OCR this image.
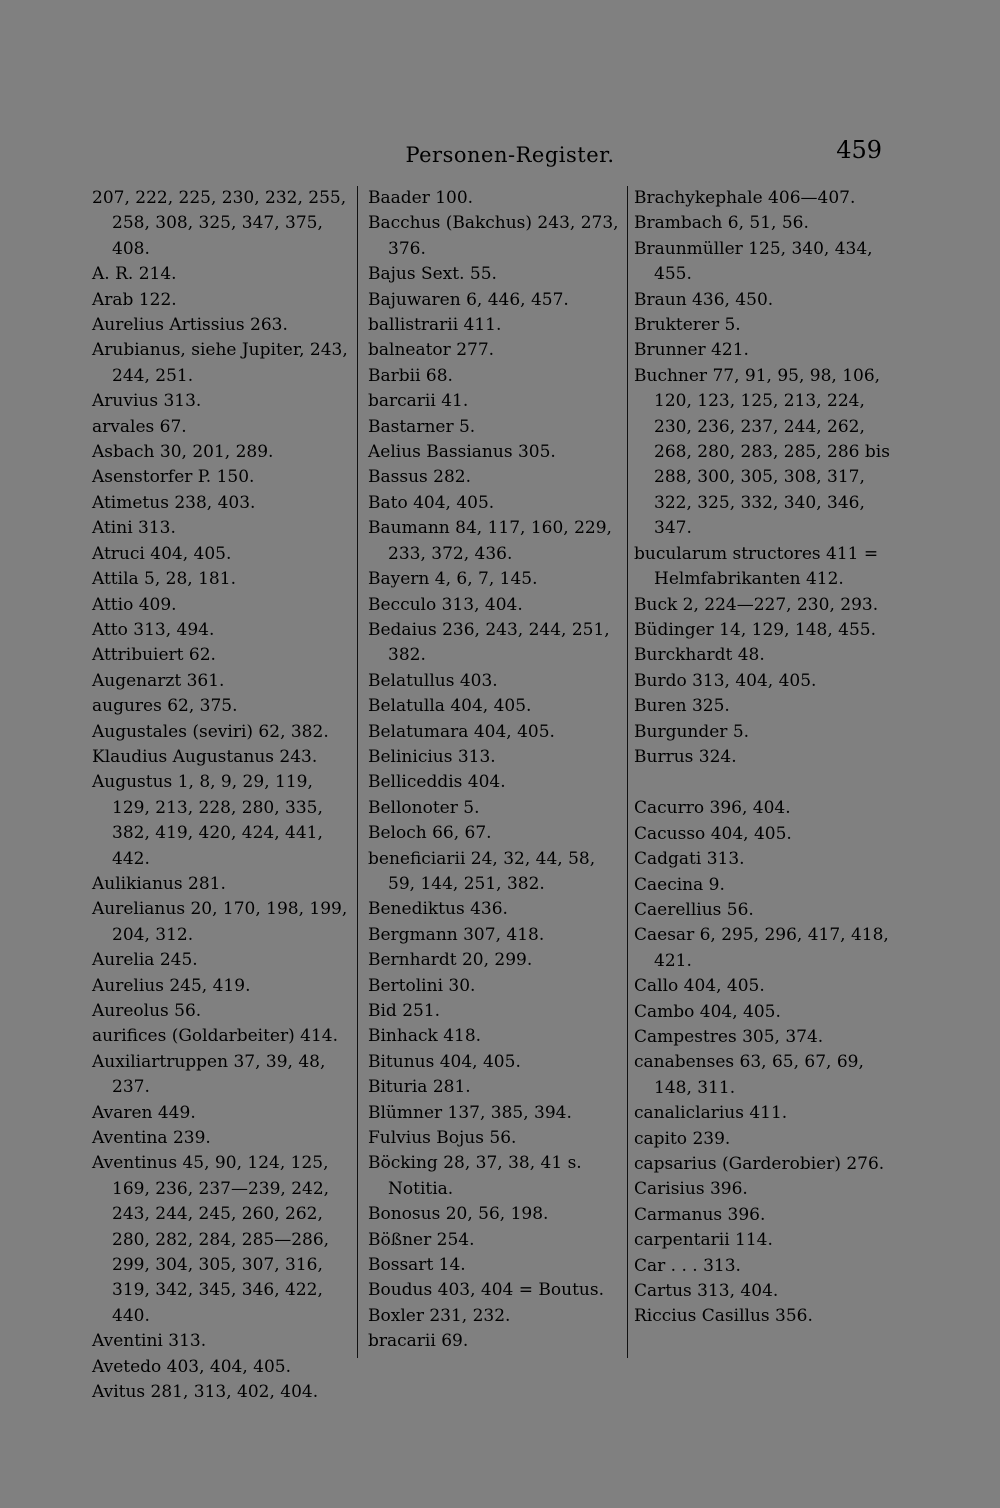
Personen-Register.	459
207, 222, 225, 230, 232, 255, 258, 308, 325, 347, 375, 408.
A. R. 214.
Arab 122.
Aurelius Artissius 263.
Arubianus, siehe Jupiter, 243, 244, 251.
Aruvius 313.
arvales 67.
Asbach 30, 201, 289.
Asenstorfer P. 150.
Atimetus 238, 403.
Atini 313.
Atruci 404, 405.
Attila 5, 28, 181.
Attio 409.
Atto 313, 494.
Attribuiert 62.
Augenarzt 361.
augures 62, 375.
Augustales (seviri) 62, 382.
Klaudius Augustanus 243.
Augustus 1, 8, 9, 29, 119, 129, 213, 228, 280, 335, 382, 419, 420, 424, 441, 442.
Aulikianus 281.
Aurelianus 20, 170, 198, 199, 204, 312.
Aurelia 245.
Aurelius 245, 419.
Aureolus 56.
aurifices (Goldarbeiter) 414.
Auxiliartruppen 37, 39, 48, 237.
Avaren 449.
Aventina 239.
Aventinus 45, 90, 124, 125, 169, 236, 237—239, 242, 243, 244, 245, 260, 262, 280, 282, 284, 285—286, 299, 304, 305, 307, 316, 319, 342, 345, 346, 422, 440.
Aventini 313.
Avetedo 403, 404, 405.
Avitus 281, 313, 402, 404.
Baader 100.
Bacchus (Bakchus) 243, 273, 376.
Bajus Sext. 55.
Bajuwaren 6, 446, 457.
ballistrarii 411.
balneator 277.
Barbii 68.
barcarii 41.
Bastarner 5.
Aelius Bassianus 305.
Bassus 282.
Bato 404, 405.
Baumann 84, 117, 160, 229, 233, 372, 436.
Bayern 4, 6, 7, 145.
Becculo 313, 404.
Bedaius 236, 243, 244, 251, 382.
Belatullus 403.
Belatulla 404, 405.
Belatumara 404, 405.
Belinicius 313.
Belliceddis 404.
Bellonoter 5.
Beloch 66, 67.
beneficiarii 24, 32, 44, 58, 59, 144, 251, 382.
Benediktus 436.
Bergmann 307, 418.
Bernhardt 20, 299.
Bertolini 30.
Bid 251.
Binhack 418.
Bitunus 404, 405.
Bituria 281.
Blümner 137, 385, 394.
Fulvius Bojus 56.
Böcking 28, 37, 38, 41 s. Notitia.
Bonosus 20, 56, 198.
Bößner 254.
Bossart 14.
Boudus 403, 404 = Boutus.
Boxler 231, 232.
bracarii 69.
Brachykephale 406—407.
Brambach 6, 51, 56.
Braunmüller 125, 340, 434, 455.
Braun 436, 450.
Brukterer 5.
Brunner 421.
Buchner 77, 91, 95, 98, 106, 120, 123, 125, 213, 224, 230, 236, 237, 244, 262, 268, 280, 283, 285, 286 bis 288, 300, 305, 308, 317, 322, 325, 332, 340, 346, 347.
bucularum structores 411 = Helmfabrikanten 412.
Buck 2, 224—227, 230, 293.
Büdinger 14, 129, 148, 455.
Burckhardt 48.
Burdo 313, 404, 405.
Buren 325.
Burgunder 5.
Burrus 324.
Cacurro 396, 404.
Cacusso 404, 405.
Cadgati 313.
Caecina 9.
Caerellius 56.
Caesar 6, 295, 296, 417, 418, 421.
Callo 404, 405.
Cambo 404, 405.
Campestres 305, 374.
canabenses 63, 65, 67, 69, 148, 311.
canaliclarius 411.
capito 239.
capsarius (Garderobier) 276.
Carisius 396.
Carmanus 396.
carpentarii 114.
Car . . . 313.
Cartus 313, 404.
Riccius Casillus 356.
